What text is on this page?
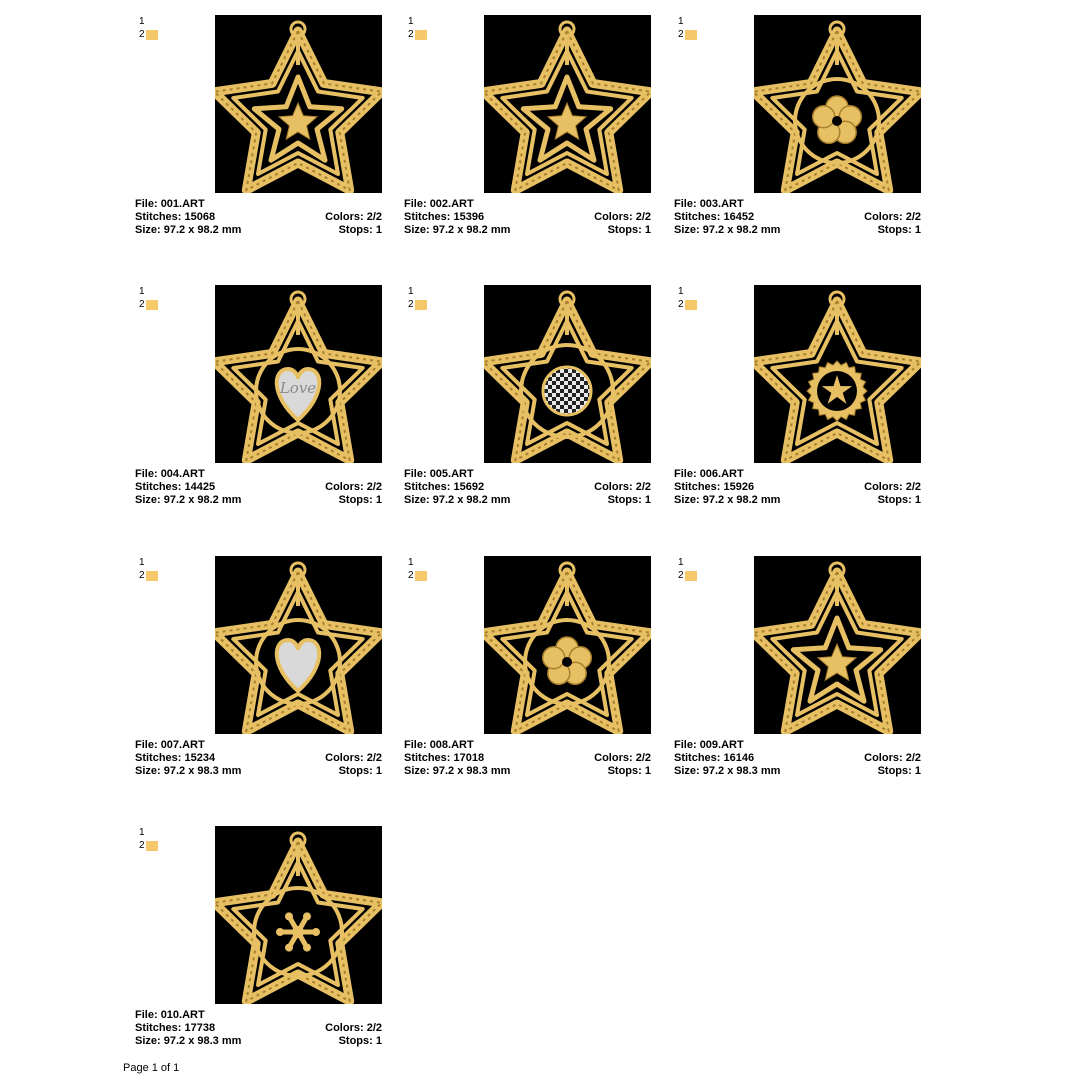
1
2
File: 001.ART
Stitches: 15068	Colors: 2/2
Size: 97.2 x 98.2 mm	Stops: 1
1
2
File: 002.ART
Stitches: 15396	Colors: 2/2
Size: 97.2 x 98.2 mm	Stops: 1
1
2
File: 003.ART
Stitches: 16452	Colors: 2/2
Size: 97.2 x 98.2 mm	Stops: 1
1
2
Love
File: 004.ART
Stitches: 14425	Colors: 2/2
Size: 97.2 x 98.2 mm	Stops: 1
1
2
File: 005.ART
Stitches: 15692	Colors: 2/2
Size: 97.2 x 98.2 mm	Stops: 1
1
2
File: 006.ART
Stitches: 15926	Colors: 2/2
Size: 97.2 x 98.2 mm	Stops: 1
1
2
File: 007.ART
Stitches: 15234	Colors: 2/2
Size: 97.2 x 98.3 mm	Stops: 1
1
2
File: 008.ART
Stitches: 17018	Colors: 2/2
Size: 97.2 x 98.3 mm	Stops: 1
1
2
File: 009.ART
Stitches: 16146	Colors: 2/2
Size: 97.2 x 98.3 mm	Stops: 1
1
2
File: 010.ART
Stitches: 17738	Colors: 2/2
Size: 97.2 x 98.3 mm	Stops: 1
Page 1 of 1
